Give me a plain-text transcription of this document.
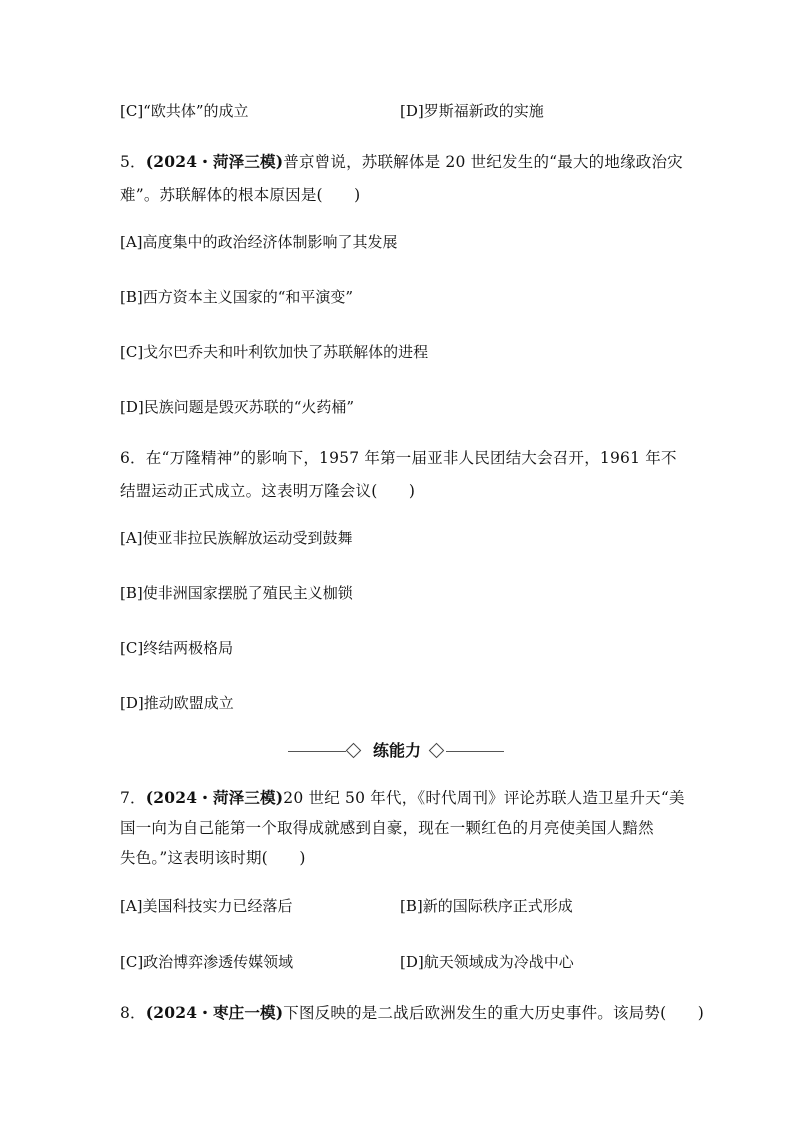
[C]“欧共体”的成立	[D]罗斯福新政的实施
5．(2024・菏泽三模)普京曾说，苏联解体是 20 世纪发生的“最大的地缘政治灾
难”。苏联解体的根本原因是(　　)
[A]高度集中的政治经济体制影响了其发展
[B]西方资本主义国家的“和平演变”
[C]戈尔巴乔夫和叶利钦加快了苏联解体的进程
[D]民族问题是毁灭苏联的“火药桶”
6．在“万隆精神”的影响下，1957 年第一届亚非人民团结大会召开，1961 年不
结盟运动正式成立。这表明万隆会议(　　)
[A]使亚非拉民族解放运动受到鼓舞
[B]使非洲国家摆脱了殖民主义枷锁
[C]终结两极格局
[D]推动欧盟成立
练能力
7．(2024・菏泽三模)20 世纪 50 年代，《时代周刊》评论苏联人造卫星升天“美
国一向为自己能第一个取得成就感到自豪，现在一颗红色的月亮使美国人黯然
失色。”这表明该时期(　　)
[A]美国科技实力已经落后	[B]新的国际秩序正式形成
[C]政治博弈渗透传媒领域	[D]航天领域成为冷战中心
8．(2024・枣庄一模)下图反映的是二战后欧洲发生的重大历史事件。该局势(　　)
